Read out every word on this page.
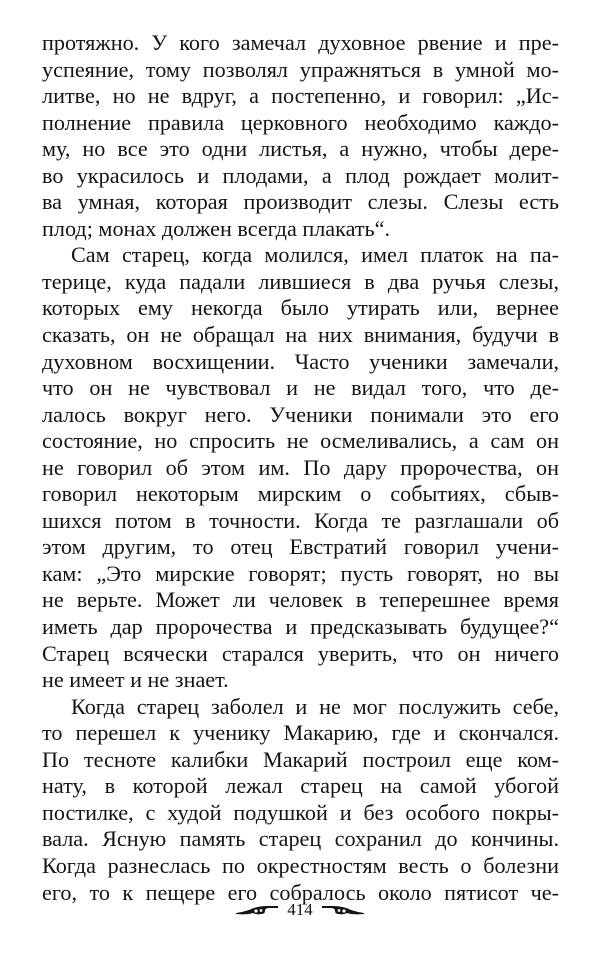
протяжно. У кого замечал духовное рвение и пре-
успеяние, тому позволял упражняться в умной мо-
литве, но не вдруг, а постепенно, и говорил: „Ис-
полнение правила церковного необходимо каждо-
му, но все это одни листья, а нужно, чтобы дере-
во украсилось и плодами, а плод рождает молит-
ва умная, которая производит слезы. Слезы есть
плод; монах должен всегда плакать“.
Сам старец, когда молился, имел платок на па-
терице, куда падали лившиеся в два ручья слезы,
которых ему некогда было утирать или, вернее
сказать, он не обращал на них внимания, будучи в
духовном восхищении. Часто ученики замечали,
что он не чувствовал и не видал того, что де-
лалось вокруг него. Ученики понимали это его
состояние, но спросить не осмеливались, а сам он
не говорил об этом им. По дару пророчества, он
говорил некоторым мирским о событиях, сбыв-
шихся потом в точности. Когда те разглашали об
этом другим, то отец Евстратий говорил учени-
кам: „Это мирские говорят; пусть говорят, но вы
не верьте. Может ли человек в теперешнее время
иметь дар пророчества и предсказывать будущее?“
Старец всячески старался уверить, что он ничего
не имеет и не знает.
Когда старец заболел и не мог послужить себе,
то перешел к ученику Макарию, где и скончался.
По тесноте калибки Макарий построил еще ком-
нату, в которой лежал старец на самой убогой
постилке, с худой подушкой и без особого покры-
вала. Ясную память старец сохранил до кончины.
Когда разнеслась по окрестностям весть о болезни
его, то к пещере его собралось около пятисот че-
414
